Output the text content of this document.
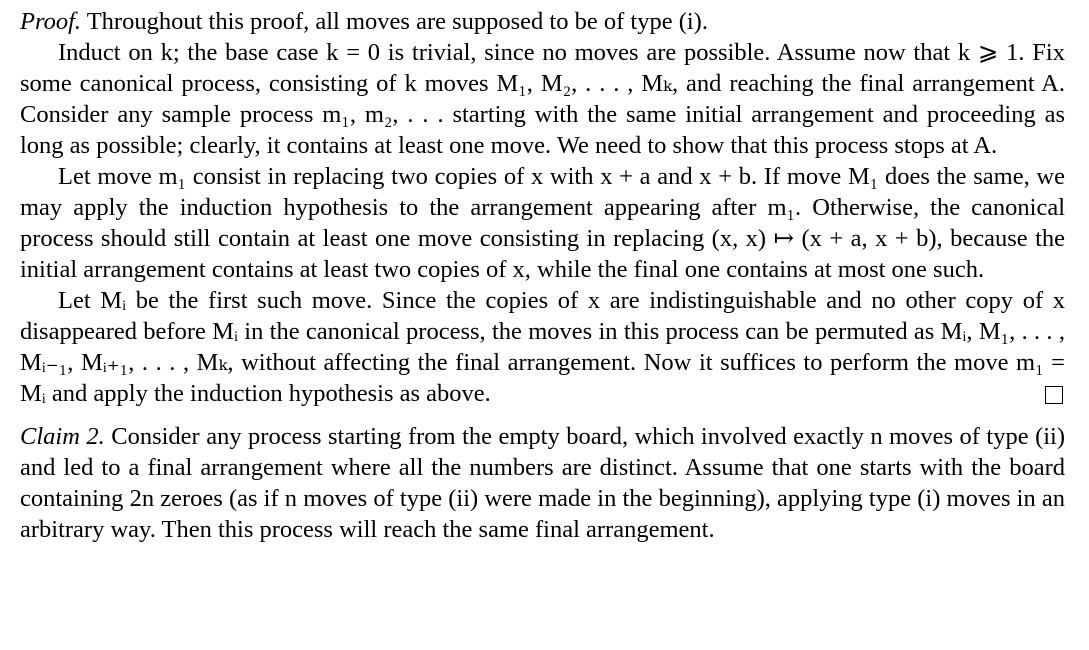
Proof. Throughout this proof, all moves are supposed to be of type (i).

Induct on k; the base case k = 0 is trivial, since no moves are possible. Assume now that k ⩾ 1. Fix some canonical process, consisting of k moves M₁, M₂, . . . , Mₖ, and reaching the final arrangement A. Consider any sample process m₁, m₂, . . . starting with the same initial arrangement and proceeding as long as possible; clearly, it contains at least one move. We need to show that this process stops at A.

Let move m₁ consist in replacing two copies of x with x + a and x + b. If move M₁ does the same, we may apply the induction hypothesis to the arrangement appearing after m₁. Otherwise, the canonical process should still contain at least one move consisting in replacing (x, x) ↦ (x + a, x + b), because the initial arrangement contains at least two copies of x, while the final one contains at most one such.

Let Mᵢ be the first such move. Since the copies of x are indistinguishable and no other copy of x disappeared before Mᵢ in the canonical process, the moves in this process can be permuted as Mᵢ, M₁, . . . , Mᵢ₋₁, Mᵢ₊₁, . . . , Mₖ, without affecting the final arrangement. Now it suffices to perform the move m₁ = Mᵢ and apply the induction hypothesis as above.

Claim 2. Consider any process starting from the empty board, which involved exactly n moves of type (ii) and led to a final arrangement where all the numbers are distinct. Assume that one starts with the board containing 2n zeroes (as if n moves of type (ii) were made in the beginning), applying type (i) moves in an arbitrary way. Then this process will reach the same final arrangement.
